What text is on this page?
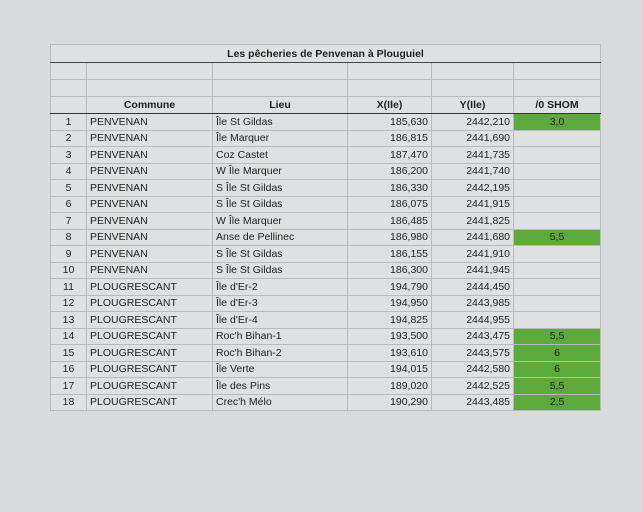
Les pêcheries de Penvenan à Plouguiel					

	Commune	Lieu	X(Ile)	Y(Ile)	/0 SHOM
1	PENVENAN	Île St Gildas	185,630	2442,210	3,0
2	PENVENAN	Île Marquer	186,815	2441,690	
3	PENVENAN	Coz Castet	187,470	2441,735	
4	PENVENAN	W Île Marquer	186,200	2441,740	
5	PENVENAN	S Île St Gildas	186,330	2442,195	
6	PENVENAN	S Île St Gildas	186,075	2441,915	
7	PENVENAN	W Île Marquer	186,485	2441,825	
8	PENVENAN	Anse de Pellinec	186,980	2441,680	5,5
9	PENVENAN	S Île St Gildas	186,155	2441,910	
10	PENVENAN	S Île St Gildas	186,300	2441,945	
11	PLOUGRESCANT	Île d'Er-2	194,790	2444,450	
12	PLOUGRESCANT	Île d'Er-3	194,950	2443,985	
13	PLOUGRESCANT	Île d'Er-4	194,825	2444,955	
14	PLOUGRESCANT	Roc'h Bihan-1	193,500	2443,475	5,5
15	PLOUGRESCANT	Roc'h Bihan-2	193,610	2443,575	6
16	PLOUGRESCANT	Île Verte	194,015	2442,580	6
17	PLOUGRESCANT	Île des Pins	189,020	2442,525	5,5
18	PLOUGRESCANT	Crec'h Mélo	190,290	2443,485	2,5
